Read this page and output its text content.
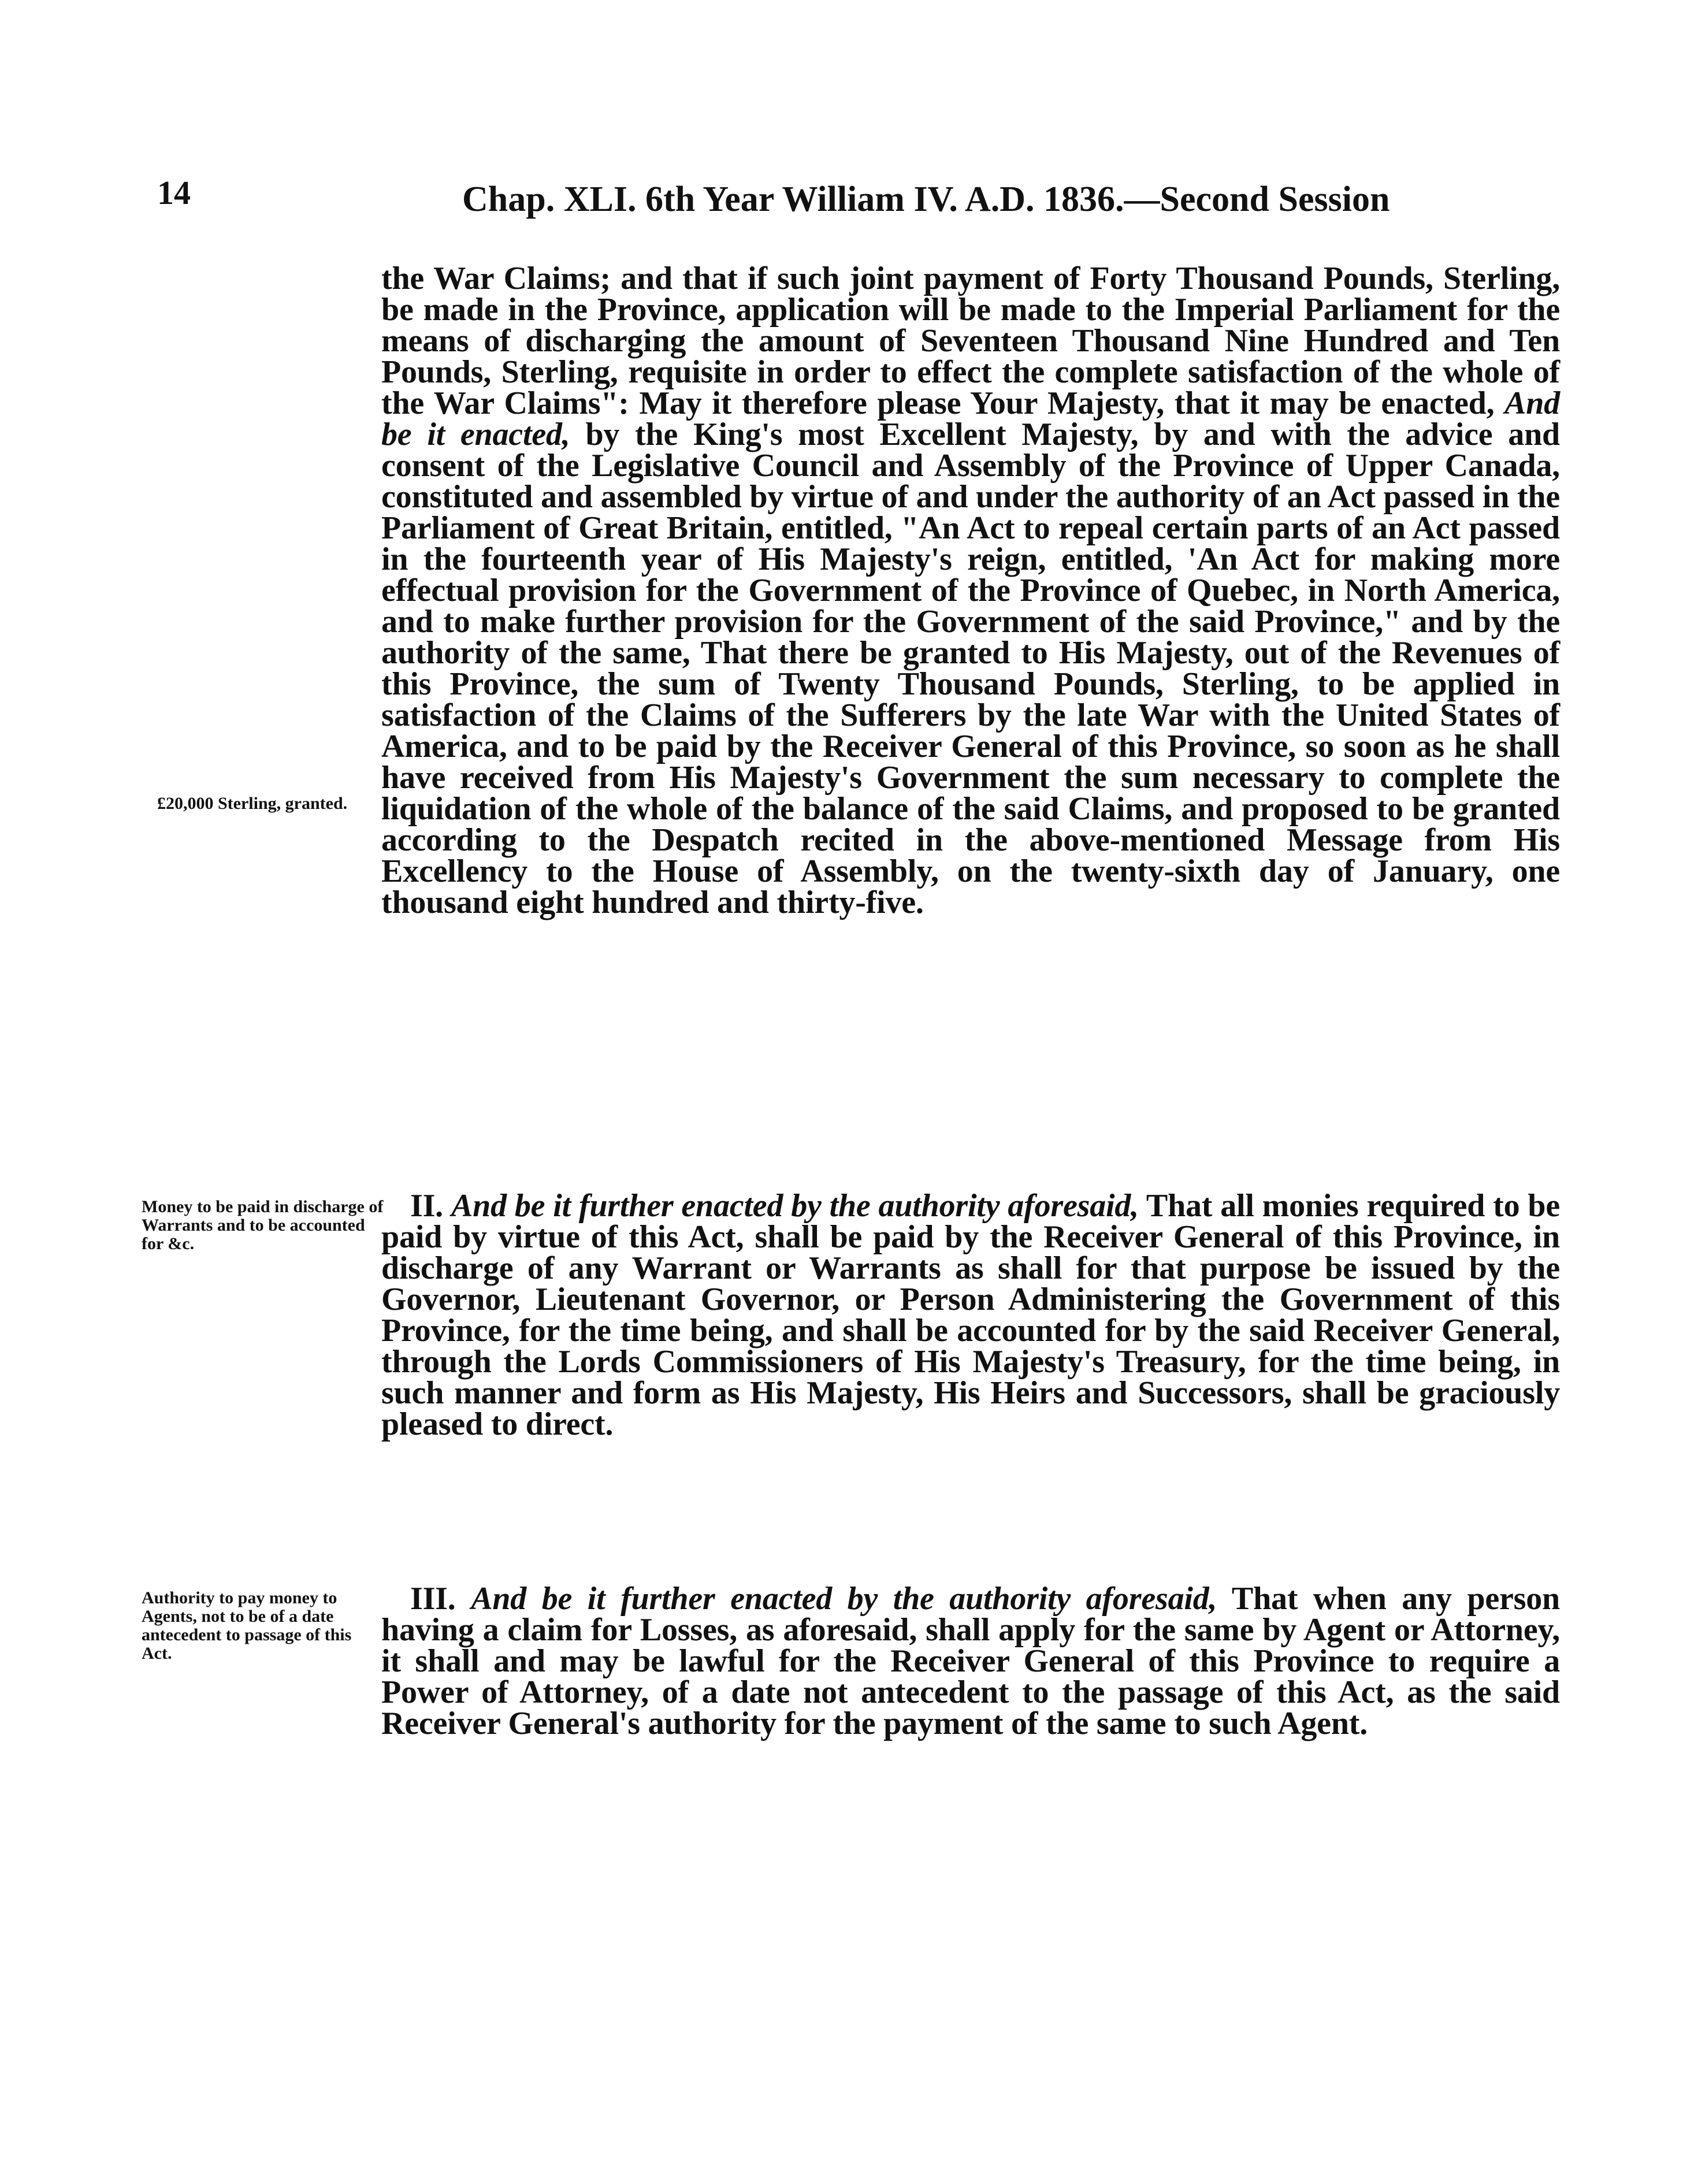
14	Chap. XLI. 6th Year William IV. A.D. 1836.—Second Session
£20,000 Sterling, granted.
Money to be paid in discharge of Warrants and to be accounted for &c.
Authority to pay money to Agents, not to be of a date antecedent to passage of this Act.
the War Claims; and that if such joint payment of Forty Thousand Pounds, Sterling, be made in the Province, application will be made to the Imperial Parliament for the means of discharging the amount of Seventeen Thousand Nine Hundred and Ten Pounds, Sterling, requisite in order to effect the complete satisfaction of the whole of the War Claims": May it therefore please Your Majesty, that it may be enacted, And be it enacted, by the King's most Excellent Majesty, by and with the advice and consent of the Legislative Council and Assembly of the Province of Upper Canada, constituted and assembled by virtue of and under the authority of an Act passed in the Parliament of Great Britain, entitled, "An Act to repeal certain parts of an Act passed in the fourteenth year of His Majesty's reign, entitled, 'An Act for making more effectual provision for the Government of the Province of Quebec, in North America, and to make further provision for the Government of the said Province," and by the authority of the same, That there be granted to His Majesty, out of the Revenues of this Province, the sum of Twenty Thousand Pounds, Sterling, to be applied in satisfaction of the Claims of the Sufferers by the late War with the United States of America, and to be paid by the Receiver General of this Province, so soon as he shall have received from His Majesty's Government the sum necessary to complete the liquidation of the whole of the balance of the said Claims, and proposed to be granted according to the Despatch recited in the above-mentioned Message from His Excellency to the House of Assembly, on the twenty-sixth day of January, one thousand eight hundred and thirty-five.
II. And be it further enacted by the authority aforesaid, That all monies required to be paid by virtue of this Act, shall be paid by the Receiver General of this Province, in discharge of any Warrant or Warrants as shall for that purpose be issued by the Governor, Lieutenant Governor, or Person Administering the Government of this Province, for the time being, and shall be accounted for by the said Receiver General, through the Lords Commissioners of His Majesty's Treasury, for the time being, in such manner and form as His Majesty, His Heirs and Successors, shall be graciously pleased to direct.
III. And be it further enacted by the authority aforesaid, That when any person having a claim for Losses, as aforesaid, shall apply for the same by Agent or Attorney, it shall and may be lawful for the Receiver General of this Province to require a Power of Attorney, of a date not antecedent to the passage of this Act, as the said Receiver General's authority for the payment of the same to such Agent.
